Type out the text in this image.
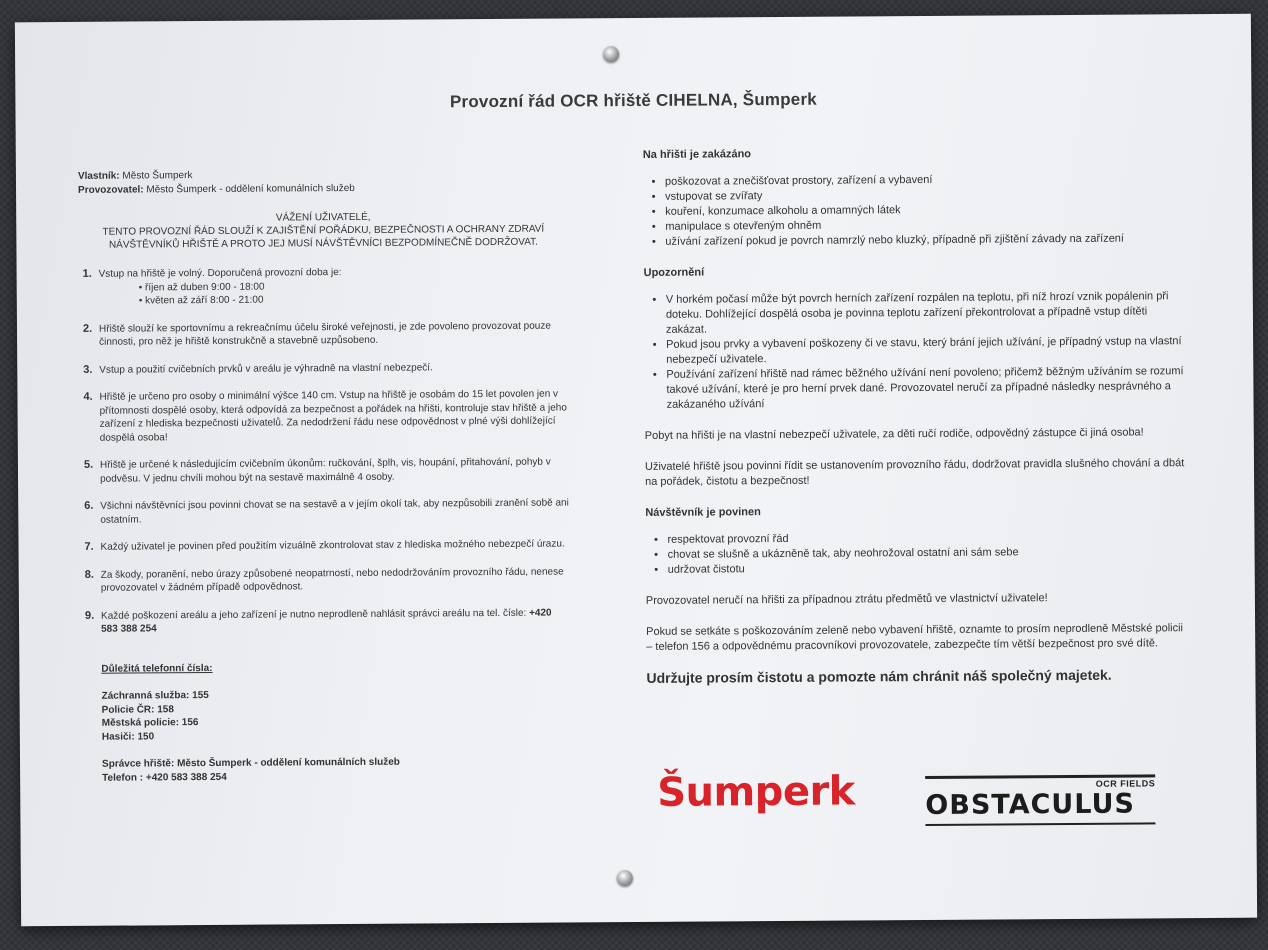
Provozní řád OCR hřiště CIHELNA, Šumperk
Vlastník: Město Šumperk
Provozovatel: Město Šumperk - oddělení komunálních služeb
VÁŽENÍ UŽIVATELÉ,
TENTO PROVOZNÍ ŘÁD SLOUŽÍ K ZAJIŠTĚNÍ POŘÁDKU, BEZPEČNOSTI A OCHRANY ZDRAVÍ
NÁVŠTĚVNÍKŮ HŘIŠTĚ A PROTO JEJ MUSÍ NÁVŠTĚVNÍCI BEZPODMÍNEČNĚ DODRŽOVAT.
1. Vstup na hřiště je volný. Doporučená provozní doba je:
• říjen až duben 9:00 - 18:00
• květen až září 8:00 - 21:00
2. Hřiště slouží ke sportovnímu a rekreačnímu účelu široké veřejnosti, je zde povoleno provozovat pouze činnosti, pro něž je hřiště konstrukčně a stavebně uzpůsobeno.
3. Vstup a použití cvičebních prvků v areálu je výhradně na vlastní nebezpečí.
4. Hřiště je určeno pro osoby o minimální výšce 140 cm. Vstup na hřiště je osobám do 15 let povolen jen v přítomnosti dospělé osoby, která odpovídá za bezpečnost a pořádek na hřišti, kontroluje stav hřiště a jeho zařízení z hlediska bezpečnosti uživatelů. Za nedodržení řádu nese odpovědnost v plné výši dohlížející dospělá osoba!
5. Hřiště je určené k následujícím cvičebním úkonům: ručkování, šplh, vis, houpání, přitahování, pohyb v podvěsu. V jednu chvíli mohou být na sestavě maximálně 4 osoby.
6. Všichni návštěvníci jsou povinni chovat se na sestavě a v jejím okolí tak, aby nezpůsobili zranění sobě ani ostatním.
7. Každý uživatel je povinen před použitím vizuálně zkontrolovat stav z hlediska možného nebezpečí úrazu.
8. Za škody, poranění, nebo úrazy způsobené neopatrností, nebo nedodržováním provozního řádu, nenese provozovatel v žádném případě odpovědnost.
9. Každé poškození areálu a jeho zařízení je nutno neprodleně nahlásit správci areálu na tel. čísle: +420 583 388 254
Důležitá telefonní čísla:
Záchranná služba: 155
Policie ČR: 158
Městská policie: 156
Hasiči: 150
Správce hřiště: Město Šumperk - oddělení komunálních služeb
Telefon : +420 583 388 254
Na hřišti je zakázáno
• poškozovat a znečišťovat prostory, zařízení a vybavení
• vstupovat se zvířaty
• kouření, konzumace alkoholu a omamných látek
• manipulace s otevřeným ohněm
• užívání zařízení pokud je povrch namrzlý nebo kluzký, případně při zjištění závady na zařízení
Upozornění
• V horkém počasí může být povrch herních zařízení rozpálen na teplotu, při níž hrozí vznik popálenin při doteku. Dohlížející dospělá osoba je povinna teplotu zařízení překontrolovat a případně vstup dítěti zakázat.
• Pokud jsou prvky a vybavení poškozeny či ve stavu, který brání jejich užívání, je případný vstup na vlastní nebezpečí uživatele.
• Používání zařízení hřiště nad rámec běžného užívání není povoleno; přičemž běžným užíváním se rozumí takové užívání, které je pro herní prvek dané. Provozovatel neručí za případné následky nesprávného a zakázaného užívání

Pobyt na hřišti je na vlastní nebezpečí uživatele, za děti ručí rodiče, odpovědný zástupce či jiná osoba!

Uživatelé hřiště jsou povinni řídit se ustanovením provozního řádu, dodržovat pravidla slušného chování a dbát na pořádek, čistotu a bezpečnost!

Návštěvník je povinen
• respektovat provozní řád
• chovat se slušně a ukázněně tak, aby neohrožoval ostatní ani sám sebe
• udržovat čistotu

Provozovatel neručí na hřišti za případnou ztrátu předmětů ve vlastnictví uživatele!

Pokud se setkáte s poškozováním zeleně nebo vybavení hřiště, oznamte to prosím neprodleně Městské policii – telefon 156 a odpovědnému pracovníkovi provozovatele, zabezpečte tím větší bezpečnost pro své dítě.

Udržujte prosím čistotu a pomozte nám chránit náš společný majetek.
Šumperk	OCR FIELDS
OBSTACULUS
